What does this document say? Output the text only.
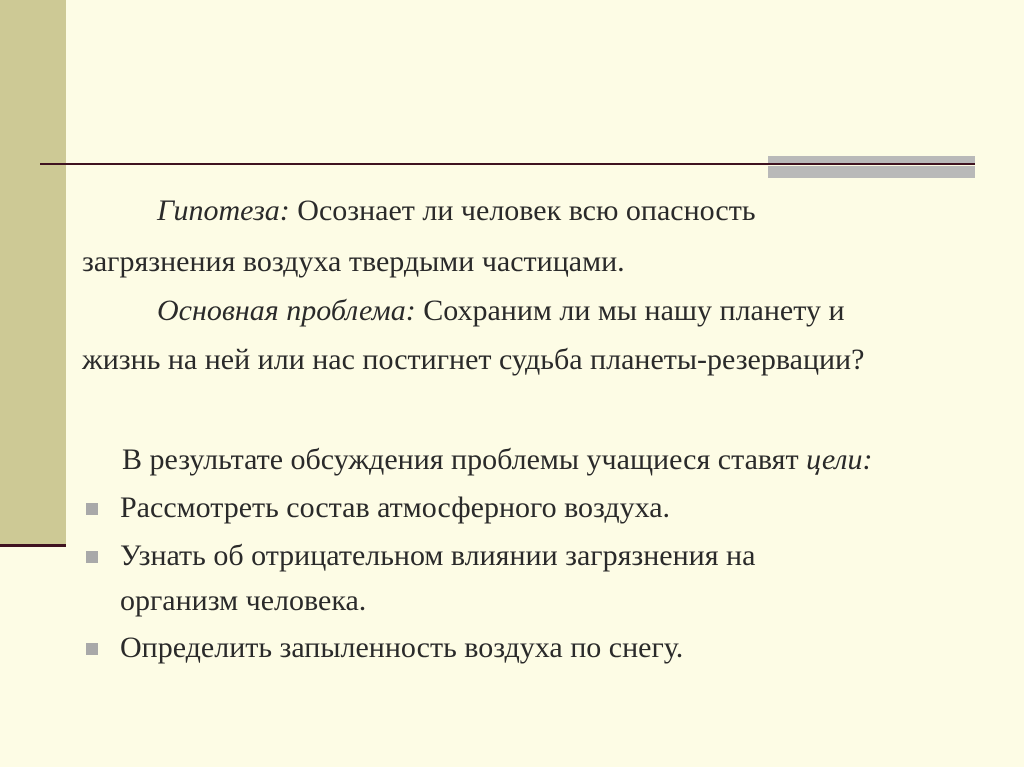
Гипотеза: Осознает ли человек всю опасность
загрязнения воздуха твердыми частицами.
Основная проблема: Сохраним ли мы нашу планету и
жизнь на ней или нас постигнет судьба планеты-резервации?
В результате обсуждения проблемы учащиеся ставят цели:
Рассмотреть состав атмосферного воздуха.
Узнать об отрицательном влиянии загрязнения на
организм человека.
Определить запыленность воздуха по снегу.
